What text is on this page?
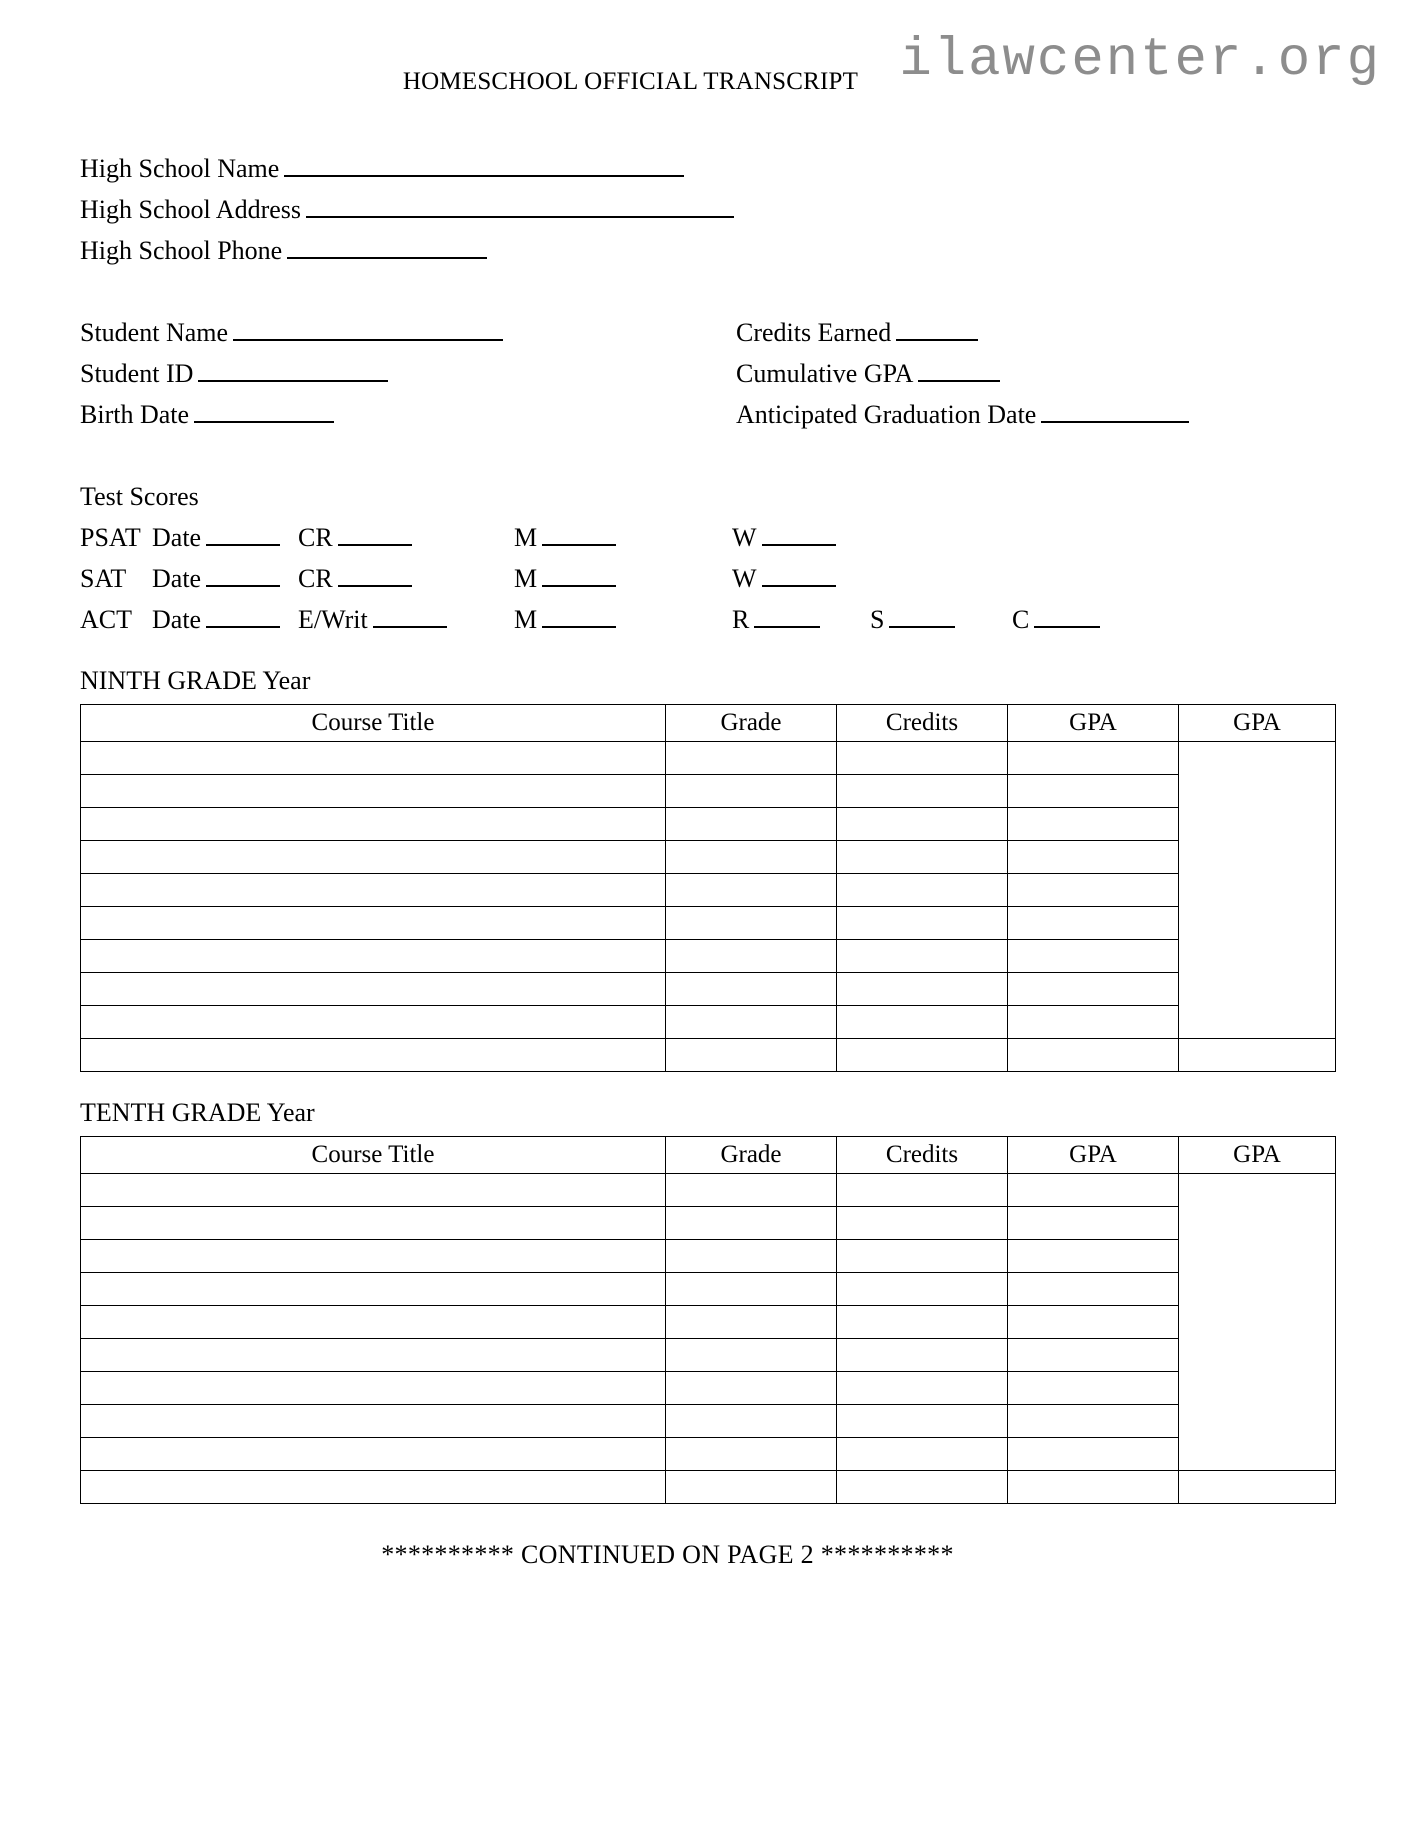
ilawcenter.org
HOMESCHOOL OFFICIAL TRANSCRIPT
High School Name
High School Address
High School Phone
Student Name
Student ID
Birth Date
Credits Earned
Cumulative GPA
Anticipated Graduation Date
Test Scores
PSAT Date	CR	M	W
SAT Date	CR	M	W
ACT Date	E/Writ	M	R	S	C
NINTH GRADE Year
Course Title	Grade	Credits	GPA	GPA

TENTH GRADE Year
Course Title	Grade	Credits	GPA	GPA

********** CONTINUED ON PAGE 2 **********
